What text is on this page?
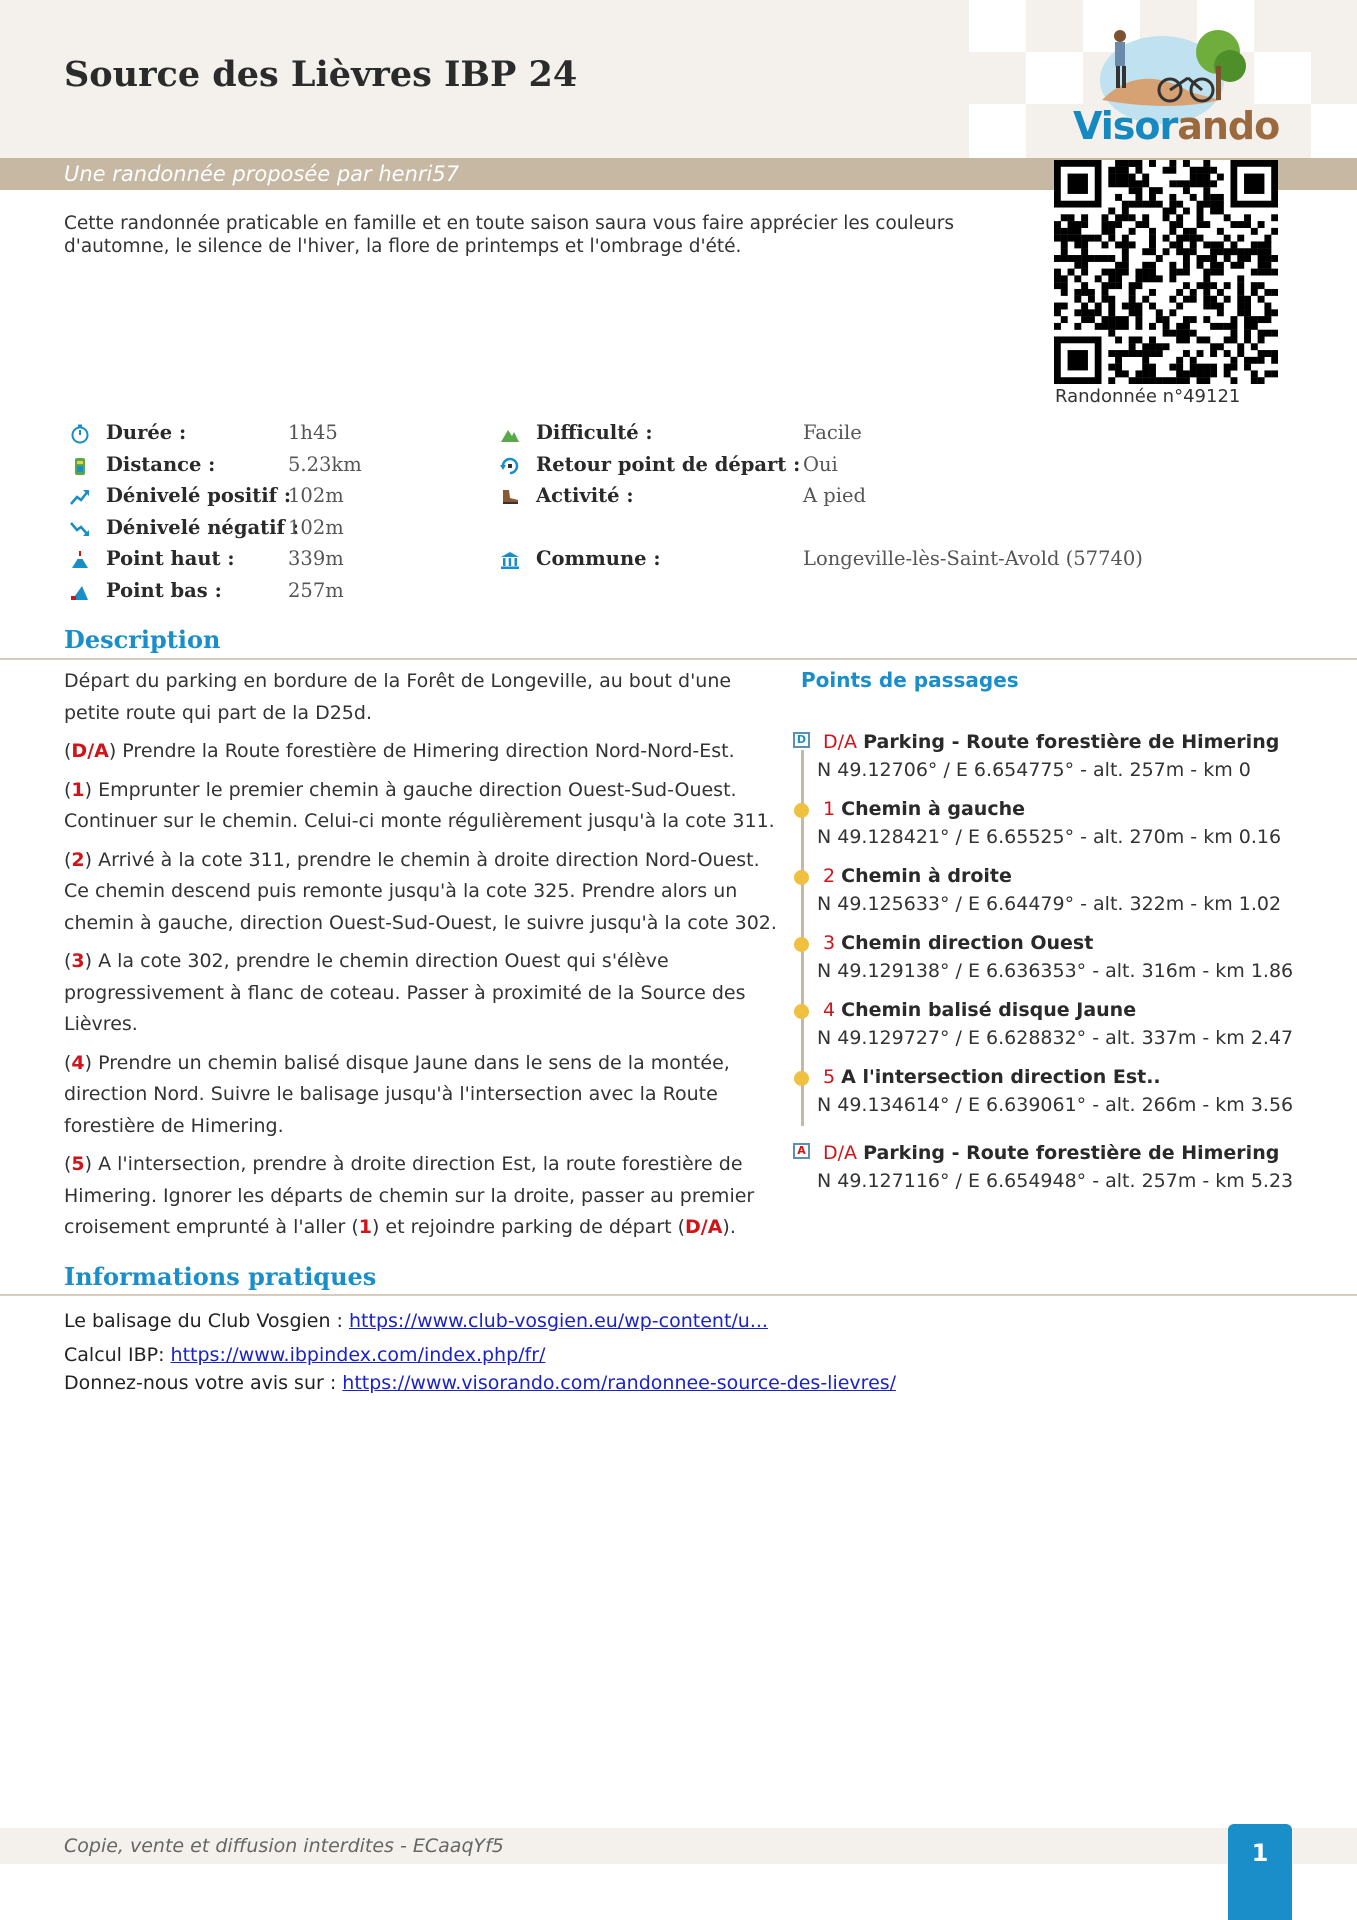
Source des Lièvres IBP 24
Une randonnée proposée par henri57
Visorando
Randonnée n°49121

Cette randonnée praticable en famille et en toute saison saura vous faire apprécier les couleurs d'automne, le silence de l'hiver, la flore de printemps et l'ombrage d'été.

Durée :	1h45
Distance :	5.23km
Dénivelé positif :
102m
Dénivelé négatif :
102m
Point haut :	339m
Point bas :	257m
Difficulté :	Facile
Retour point de départ : Oui
Activité :	A pied
Commune :	Longeville-lès-Saint-Avold (57740)
Description

Départ du parking en bordure de la Forêt de Longeville, au bout d'une petite route qui part de la D25d.

(D/A) Prendre la Route forestière de Himering direction Nord-Nord-Est.

(1) Emprunter le premier chemin à gauche direction Ouest-Sud-Ouest. Continuer sur le chemin. Celui-ci monte régulièrement jusqu'à la cote 311.

(2) Arrivé à la cote 311, prendre le chemin à droite direction Nord-Ouest. Ce chemin descend puis remonte jusqu'à la cote 325. Prendre alors un chemin à gauche, direction Ouest-Sud-Ouest, le suivre jusqu'à la cote 302.

(3) A la cote 302, prendre le chemin direction Ouest qui s'élève progressivement à flanc de coteau. Passer à proximité de la Source des Lièvres.

(4) Prendre un chemin balisé disque Jaune dans le sens de la montée, direction Nord. Suivre le balisage jusqu'à l'intersection avec la Route forestière de Himering.

(5) A l'intersection, prendre à droite direction Est, la route forestière de Himering. Ignorer les départs de chemin sur la droite, passer au premier croisement emprunté à l'aller (1) et rejoindre parking de départ (D/A).

Points de passages
D D/A Parking - Route forestière de Himering
N 49.12706° / E 6.654775° - alt. 257m - km 0
1 Chemin à gauche
N 49.128421° / E 6.65525° - alt. 270m - km 0.16
2 Chemin à droite
N 49.125633° / E 6.64479° - alt. 322m - km 1.02
3 Chemin direction Ouest
N 49.129138° / E 6.636353° - alt. 316m - km 1.86
4 Chemin balisé disque Jaune
N 49.129727° / E 6.628832° - alt. 337m - km 2.47
5 A l'intersection direction Est..
N 49.134614° / E 6.639061° - alt. 266m - km 3.56
A D/A Parking - Route forestière de Himering
N 49.127116° / E 6.654948° - alt. 257m - km 5.23
Informations pratiques
Le balisage du Club Vosgien : https://www.club-vosgien.eu/wp-content/u...
Calcul IBP: https://www.ibpindex.com/index.php/fr/
Donnez-nous votre avis sur : https://www.visorando.com/randonnee-source-des-lievres/
Copie, vente et diffusion interdites - ECaaqYf5	1
